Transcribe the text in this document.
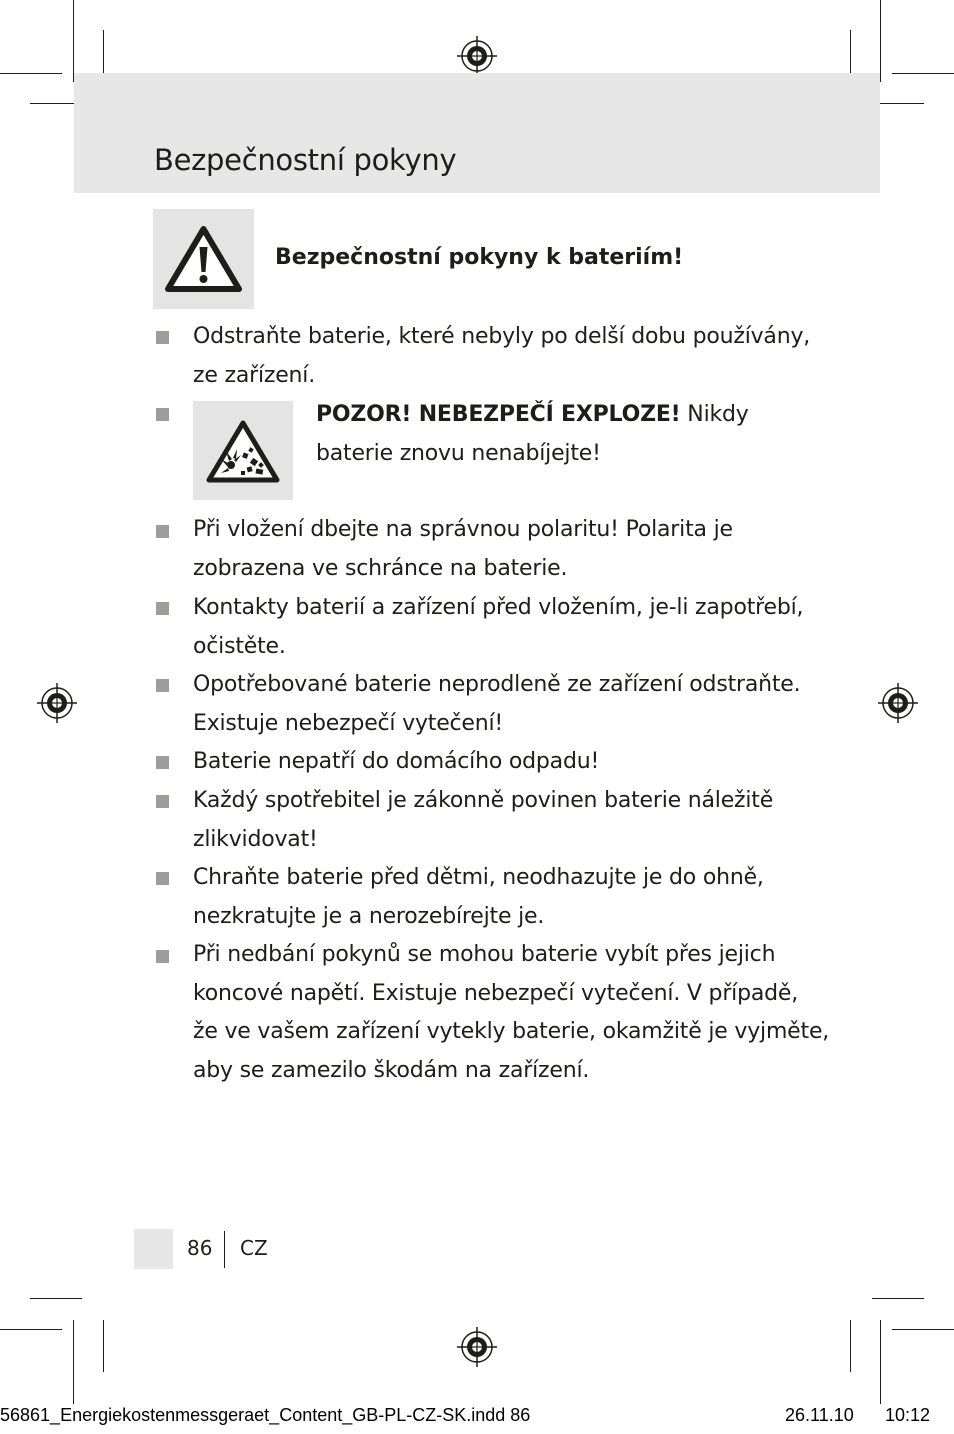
Bezpečnostní pokyny
Bezpečnostní pokyny k bateriím!
Odstraňte baterie, které nebyly po delší dobu používány,
ze zařízení.
POZOR! NEBEZPEČÍ EXPLOZE! Nikdy
baterie znovu nenabíjejte!
Při vložení dbejte na správnou polaritu! Polarita je
zobrazena ve schránce na baterie.
Kontakty baterií a zařízení před vložením, je-li zapotřebí,
očistěte.
Opotřebované baterie neprodleně ze zařízení odstraňte.
Existuje nebezpečí vytečení!
Baterie nepatří do domácího odpadu!
Každý spotřebitel je zákonně povinen baterie náležitě
zlikvidovat!
Chraňte baterie před dětmi, neodhazujte je do ohně,
nezkratujte je a nerozebírejte je.
Při nedbání pokynů se mohou baterie vybít přes jejich
koncové napětí. Existuje nebezpečí vytečení. V případě,
že ve vašem zařízení vytekly baterie, okamžitě je vyjměte,
aby se zamezilo škodám na zařízení.
86 CZ
56861_Energiekostenmessgeraet_Content_GB-PL-CZ-SK.indd 86	26.11.10 10:12
